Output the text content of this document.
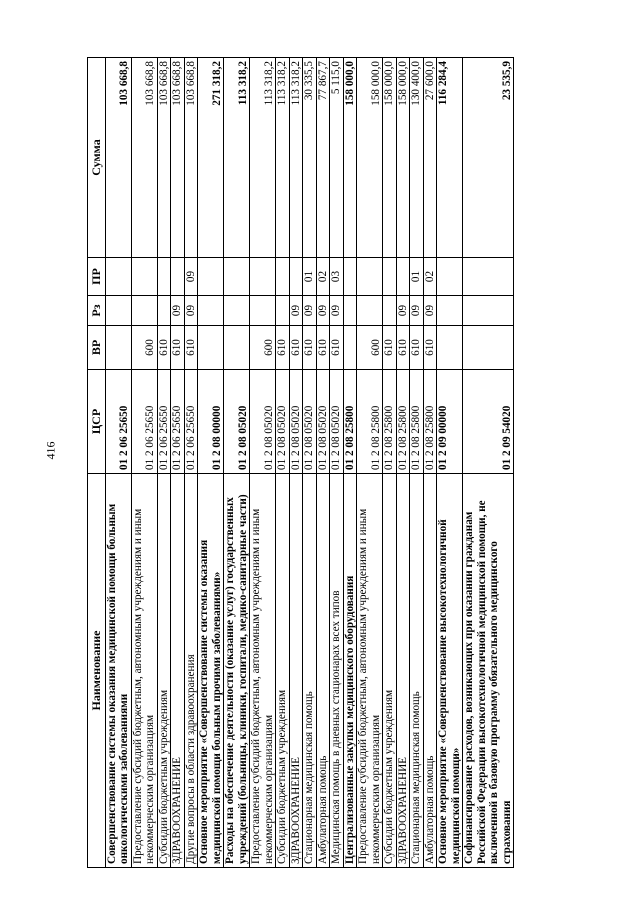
416
Наименование	ЦСР	ВР	Рз	ПР	Сумма
Совершенствование системы оказания медицинской помощи больным онкологическими заболеваниями	01 2 06 25650				103 668,8
Предоставление субсидий бюджетным, автономным учреждениям и иным некоммерческим организациям	01 2 06 25650	600			103 668,8
Субсидии бюджетным учреждениям	01 2 06 25650	610			103 668,8
ЗДРАВООХРАНЕНИЕ	01 2 06 25650	610	09		103 668,8
Другие вопросы в области здравоохранения	01 2 06 25650	610	09	09	103 668,8
Основное мероприятие «Совершенствование системы оказания медицинской помощи больным прочими заболеваниями»	01 2 08 00000				271 318,2
Расходы на обеспечение деятельности (оказание услуг) государственных учреждений (больницы, клиники, госпитали, медико-санитарные части)	01 2 08 05020				113 318,2
Предоставление субсидий бюджетным, автономным учреждениям и иным некоммерческим организациям	01 2 08 05020	600			113 318,2
Субсидии бюджетным учреждениям	01 2 08 05020	610			113 318,2
ЗДРАВООХРАНЕНИЕ	01 2 08 05020	610	09		113 318,2
Стационарная медицинская помощь	01 2 08 05020	610	09	01	30 335,5
Амбулаторная помощь	01 2 08 05020	610	09	02	77 867,7
Медицинская помощь в дневных стационарах всех типов	01 2 08 05020	610	09	03	5 115,0
Централизованные закупки медицинского оборудования	01 2 08 25800				158 000,0
Предоставление субсидий бюджетным, автономным учреждениям и иным некоммерческим организациям	01 2 08 25800	600			158 000,0
Субсидии бюджетным учреждениям	01 2 08 25800	610			158 000,0
ЗДРАВООХРАНЕНИЕ	01 2 08 25800	610	09		158 000,0
Стационарная медицинская помощь	01 2 08 25800	610	09	01	130 400,0
Амбулаторная помощь	01 2 08 25800	610	09	02	27 600,0
Основное мероприятие «Совершенствование высокотехнологичной медицинской помощи»	01 2 09 00000				116 284,4
Софинансирование расходов, возникающих при оказании гражданам Российской Федерации высокотехнологичной медицинской помощи, не включенной в базовую программу обязательного медицинского страхования	01 2 09 54020				23 535,9
